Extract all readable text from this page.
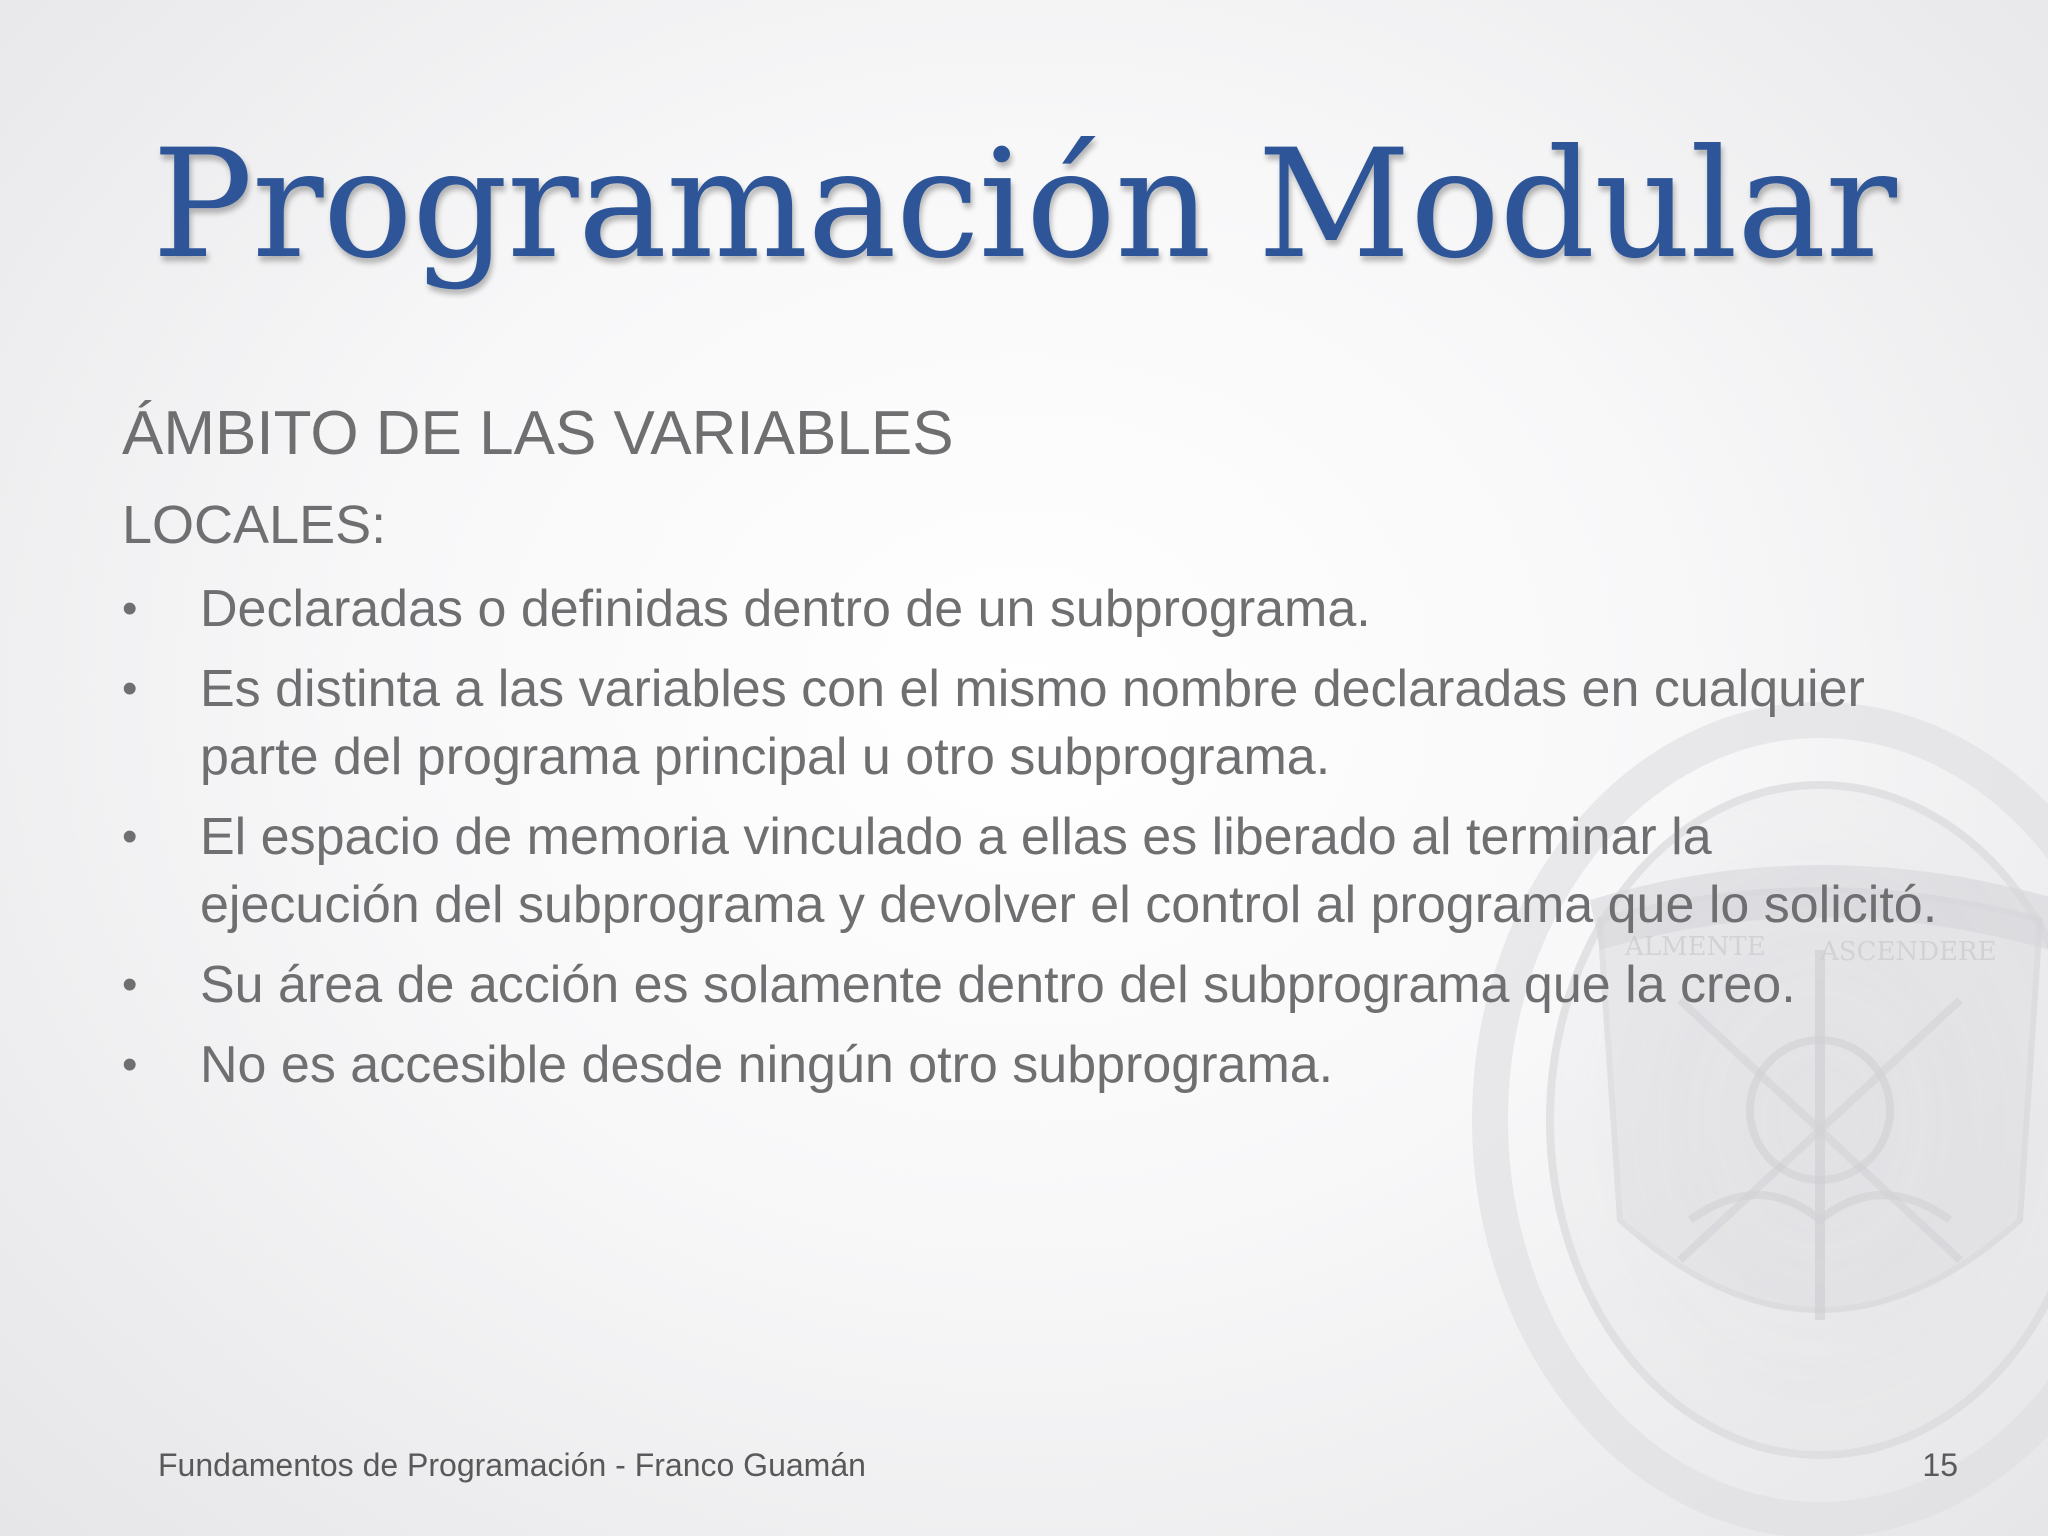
ALMENTE ASCENDERE
Programación Modular
ÁMBITO DE LAS VARIABLES
LOCALES:
• Declaradas o definidas dentro de un subprograma.
• Es distinta a las variables con el mismo nombre declaradas en cualquier parte del programa principal u otro subprograma.
• El espacio de memoria vinculado a ellas es liberado al terminar la ejecución del subprograma y devolver el control al programa que lo solicitó.
• Su área de acción es solamente dentro del subprograma que la creo.
• No es accesible desde ningún otro subprograma.
Fundamentos de Programación - Franco Guamán	15
